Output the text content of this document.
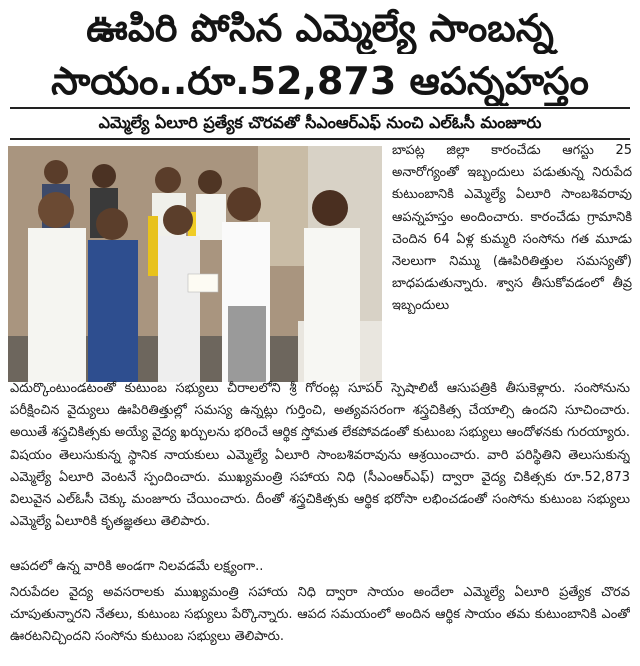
ఊపిరి పోసిన ఎమ్మెల్యే సాంబన్న
సాయం..రూ.52,873 ఆపన్నహస్తం
ఎమ్మెల్యే ఏలూరి ప్రత్యేక చొరవతో సీఎంఆర్‌ఎఫ్ నుంచి ఎల్‌ఓసీ మంజూరు
బాపట్ల జిల్లా కారంచేడు ఆగస్టు 25 అనారోగ్యంతో ఇబ్బందులు పడుతున్న నిరుపేద కుటుంబానికి ఎమ్మెల్యే ఏలూరి సాంబశివరావు ఆపన్నహస్తం అందించారు. కారంచేడు గ్రామానికి చెందిన 64 ఏళ్ల కుమ్మరి సంసోను గత మూడు నెలలుగా నిమ్ము (ఊపిరితిత్తుల సమస్యతో) బాధపడుతున్నారు. శ్వాస తీసుకోవడంలో తీవ్ర ఇబ్బందులు
ఎదుర్కొంటుండటంతో కుటుంబ సభ్యులు చీరాలలోని శ్రీ గోరంట్ల సూపర్ స్పెషాలిటీ ఆసుపత్రికి తీసుకెళ్లారు. సంసోనును పరీక్షించిన వైద్యులు ఊపిరితిత్తుల్లో సమస్య ఉన్నట్లు గుర్తించి, అత్యవసరంగా శస్త్రచికిత్స చేయాల్సి ఉందని సూచించారు. అయితే శస్త్రచికిత్సకు అయ్యే వైద్య ఖర్చులను భరించే ఆర్థిక స్తోమత లేకపోవడంతో కుటుంబ సభ్యులు ఆందోళనకు గురయ్యారు. విషయం తెలుసుకున్న స్థానిక నాయకులు ఎమ్మెల్యే ఏలూరి సాంబశివరావును ఆశ్రయించారు. వారి పరిస్థితిని తెలుసుకున్న ఎమ్మెల్యే ఏలూరి వెంటనే స్పందించారు. ముఖ్యమంత్రి సహాయ నిధి (సీఎంఆర్‌ఎఫ్) ద్వారా వైద్య చికిత్సకు రూ.52,873 విలువైన ఎల్‌ఓసీ చెక్కు మంజూరు చేయించారు. దీంతో శస్త్రచికిత్సకు ఆర్థిక భరోసా లభించడంతో సంసోను కుటుంబ సభ్యులు ఎమ్మెల్యే ఏలూరికి కృతజ్ఞతలు తెలిపారు.
ఆపదలో ఉన్న వారికి అండగా నిలవడమే లక్ష్యంగా..
నిరుపేదల వైద్య అవసరాలకు ముఖ్యమంత్రి సహాయ నిధి ద్వారా సాయం అందేలా ఎమ్మెల్యే ఏలూరి ప్రత్యేక చొరవ చూపుతున్నారని నేతలు, కుటుంబ సభ్యులు పేర్కొన్నారు. ఆపద సమయంలో అందిన ఆర్థిక సాయం తమ కుటుంబానికి ఎంతో ఊరటనిచ్చిందని సంసోను కుటుంబ సభ్యులు తెలిపారు.
